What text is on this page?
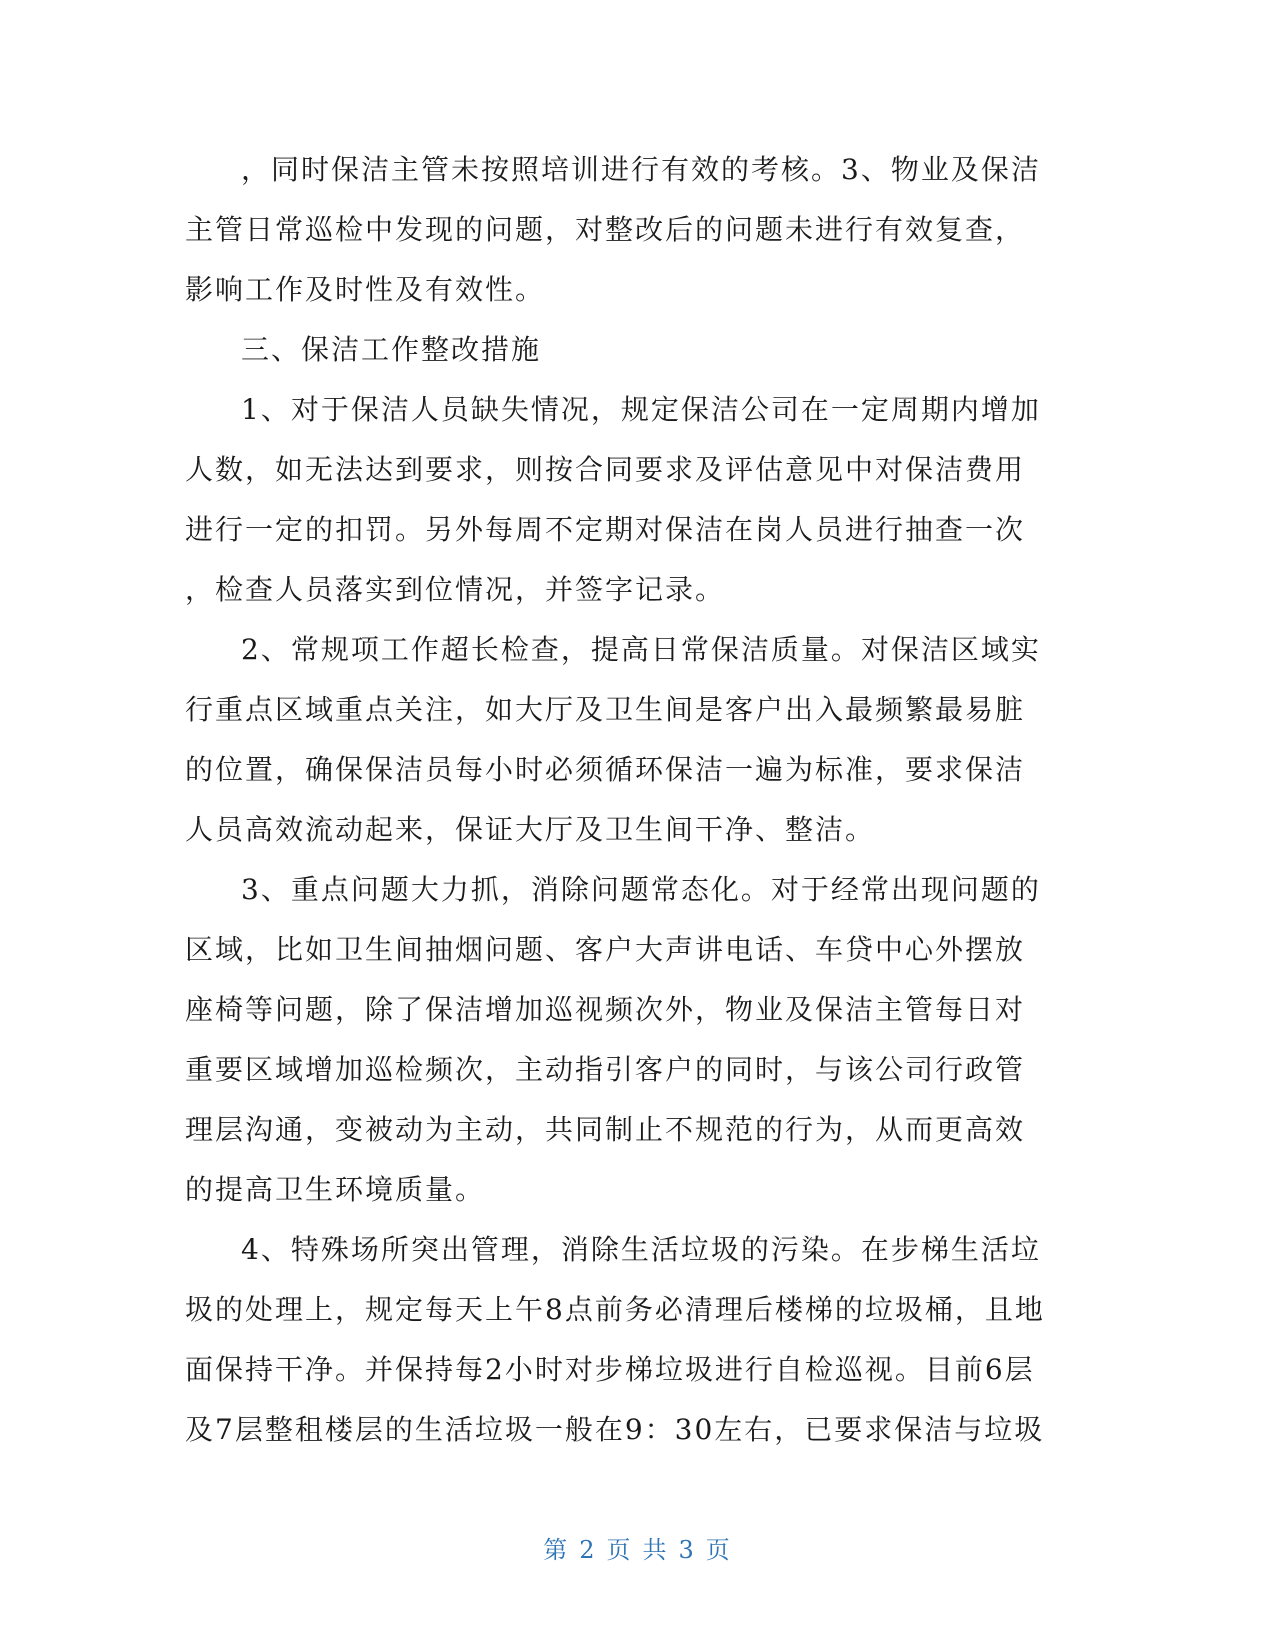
，同时保洁主管未按照培训进行有效的考核。3、物业及保洁
主管日常巡检中发现的问题，对整改后的问题未进行有效复查，
影响工作及时性及有效性。
三、保洁工作整改措施
1、对于保洁人员缺失情况，规定保洁公司在一定周期内增加
人数，如无法达到要求，则按合同要求及评估意见中对保洁费用
进行一定的扣罚。另外每周不定期对保洁在岗人员进行抽查一次
，检查人员落实到位情况，并签字记录。
2、常规项工作超长检查，提高日常保洁质量。对保洁区域实
行重点区域重点关注，如大厅及卫生间是客户出入最频繁最易脏
的位置，确保保洁员每小时必须循环保洁一遍为标准，要求保洁
人员高效流动起来，保证大厅及卫生间干净、整洁。
3、重点问题大力抓，消除问题常态化。对于经常出现问题的
区域，比如卫生间抽烟问题、客户大声讲电话、车贷中心外摆放
座椅等问题，除了保洁增加巡视频次外，物业及保洁主管每日对
重要区域增加巡检频次，主动指引客户的同时，与该公司行政管
理层沟通，变被动为主动，共同制止不规范的行为，从而更高效
的提高卫生环境质量。
4、特殊场所突出管理，消除生活垃圾的污染。在步梯生活垃
圾的处理上，规定每天上午8点前务必清理后楼梯的垃圾桶，且地
面保持干净。并保持每2小时对步梯垃圾进行自检巡视。目前6层
及7层整租楼层的生活垃圾一般在9：30左右，已要求保洁与垃圾
第 2 页 共 3 页
